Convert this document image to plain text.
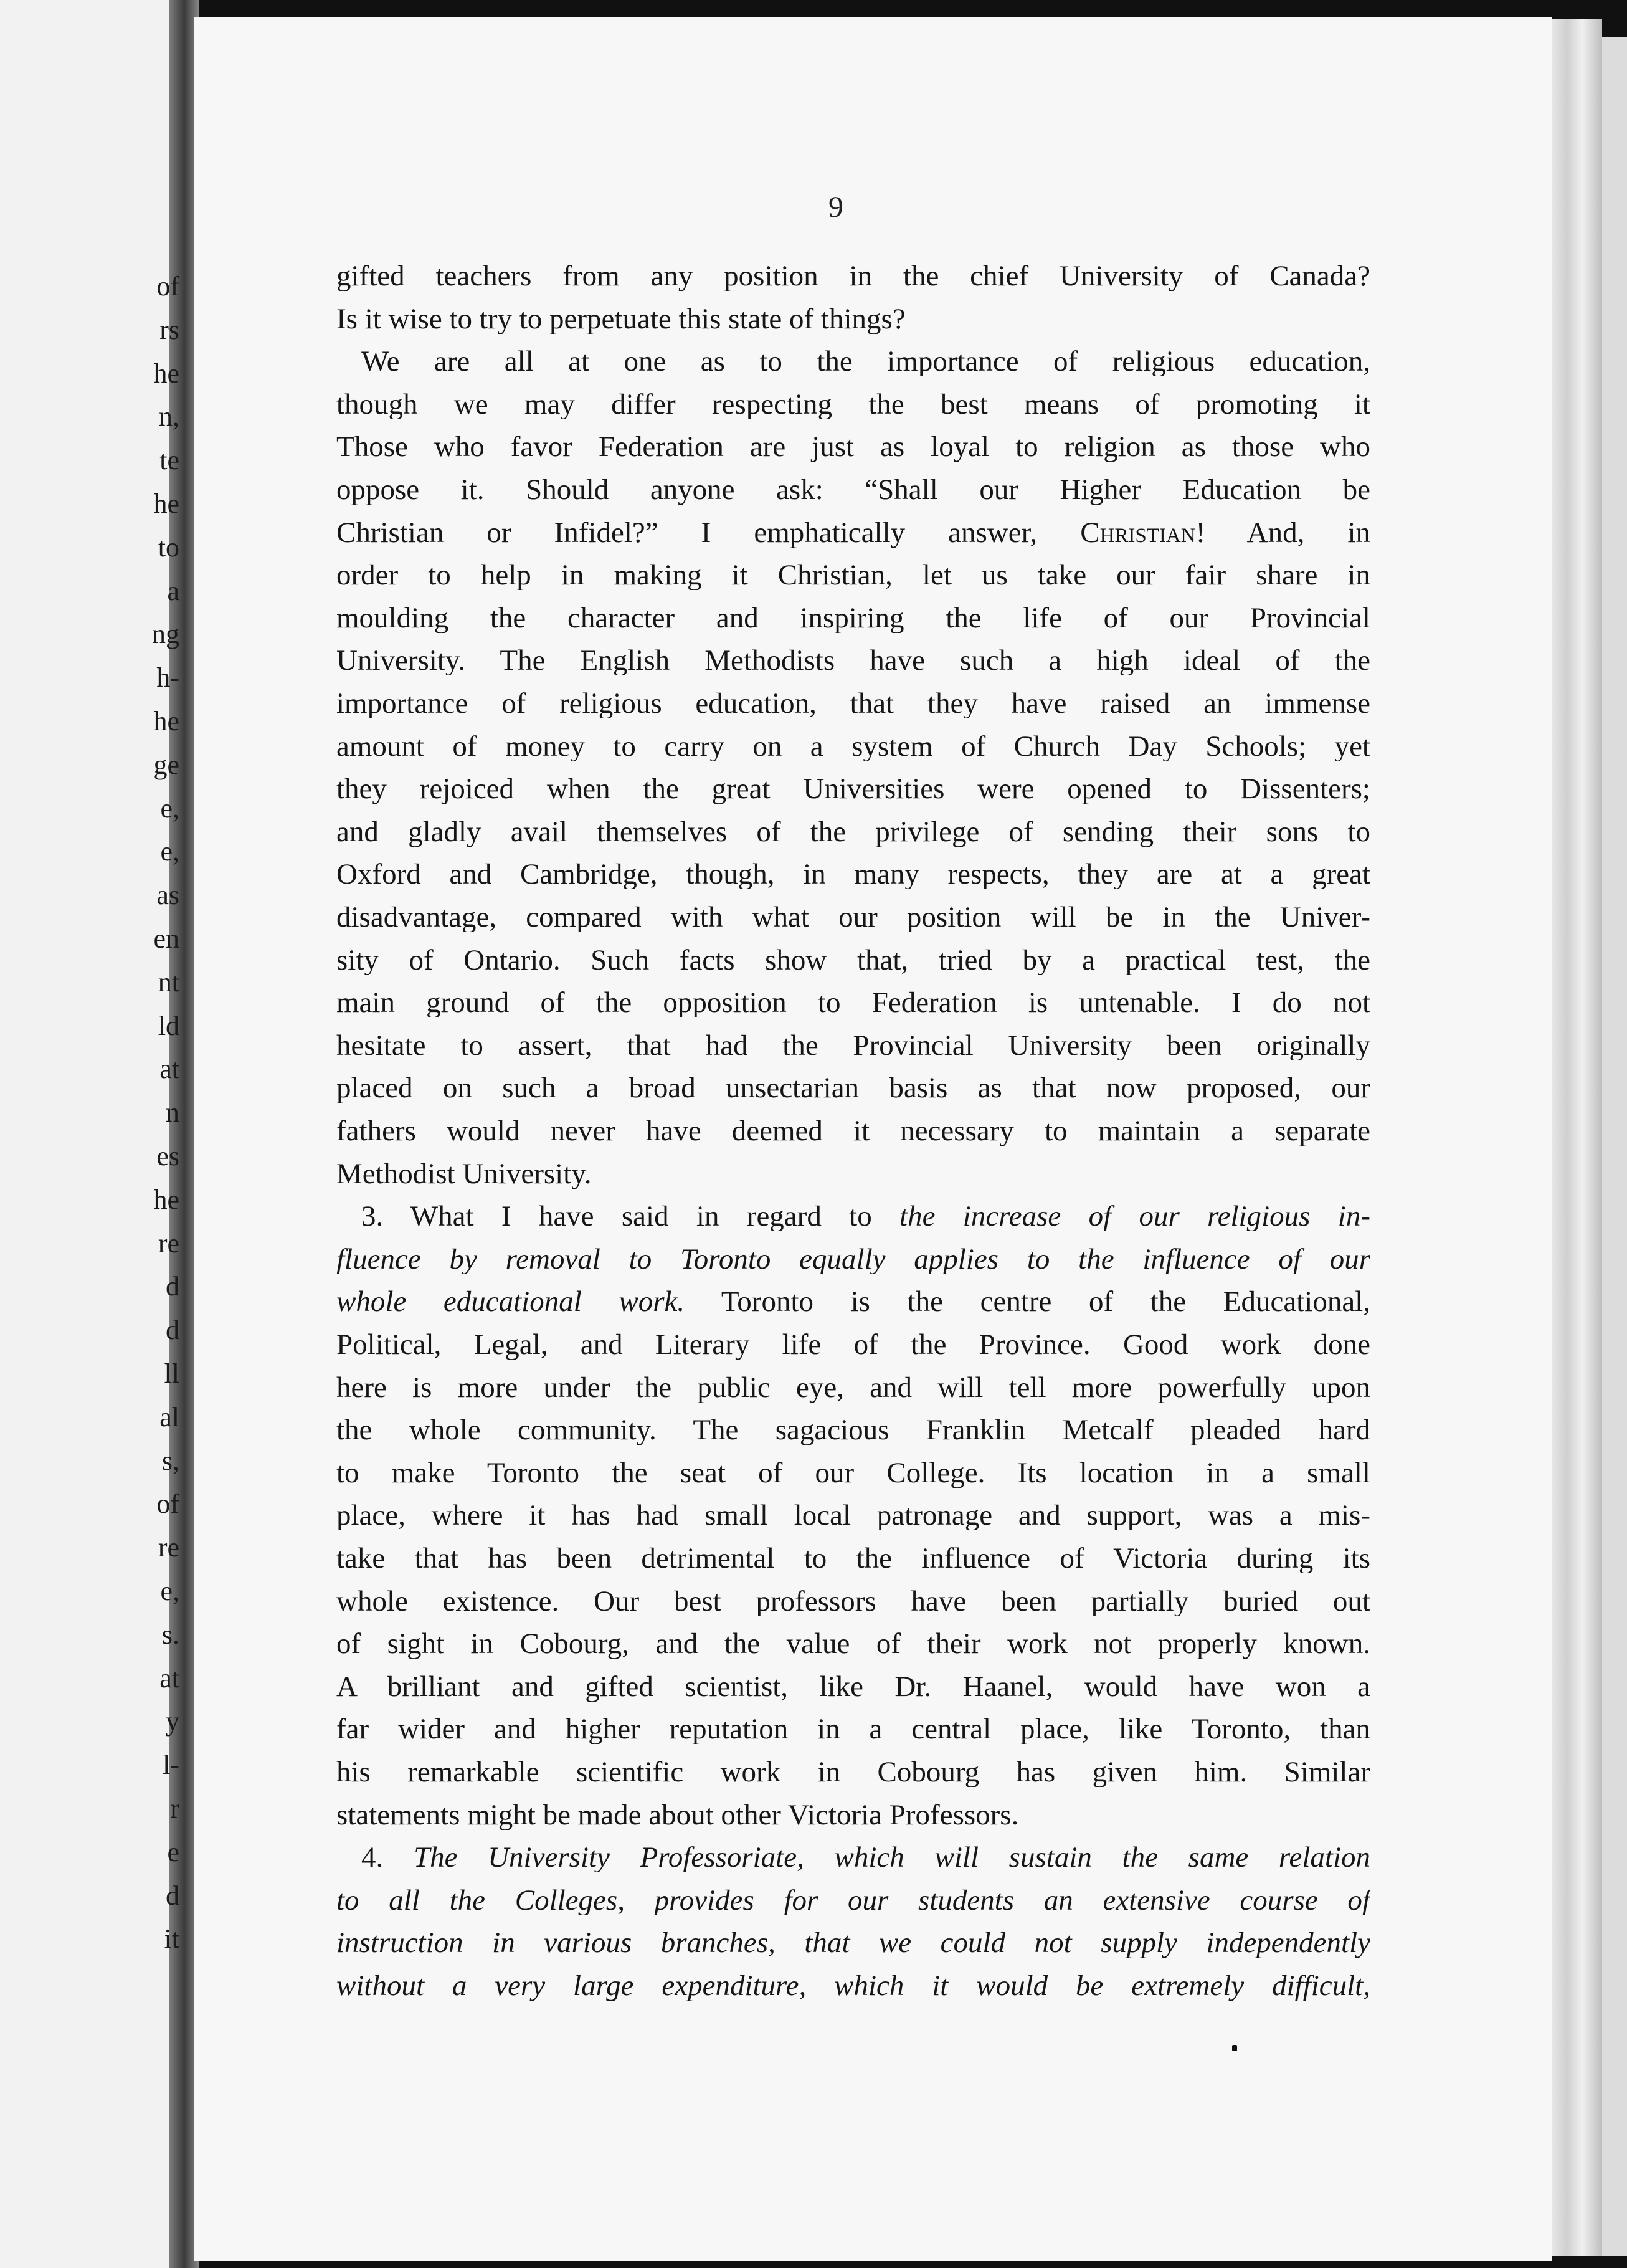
of

rs

he

n,

te

he

to

a

ng

h-

he

ge

e,

e,

as

en

nt

ld

at

n

es

he

re

d

d

ll

al

s,

of

re

e,

s.

at

y

l-

r

e

d

it

9

gifted teachers from any position in the chief University of Canada?

Is it wise to try to perpetuate this state of things?

We are all at one as to the importance of religious education,

though we may differ respecting the best means of promoting it

Those who favor Federation are just as loyal to religion as those who

oppose it. Should anyone ask: “Shall our Higher Education be

Christian or Infidel?” I emphatically answer, Christian! And, in

order to help in making it Christian, let us take our fair share in

moulding the character and inspiring the life of our Provincial

University. The English Methodists have such a high ideal of the

importance of religious education, that they have raised an immense

amount of money to carry on a system of Church Day Schools; yet

they rejoiced when the great Universities were opened to Dissenters;

and gladly avail themselves of the privilege of sending their sons to

Oxford and Cambridge, though, in many respects, they are at a great

disadvantage, compared with what our position will be in the Univer-

sity of Ontario. Such facts show that, tried by a practical test, the

main ground of the opposition to Federation is untenable. I do not

hesitate to assert, that had the Provincial University been originally

placed on such a broad unsectarian basis as that now proposed, our

fathers would never have deemed it necessary to maintain a separate

Methodist University.

3. What I have said in regard to the increase of our religious in-

fluence by removal to Toronto equally applies to the influence of our

whole educational work. Toronto is the centre of the Educational,

Political, Legal, and Literary life of the Province. Good work done

here is more under the public eye, and will tell more powerfully upon

the whole community. The sagacious Franklin Metcalf pleaded hard

to make Toronto the seat of our College. Its location in a small

place, where it has had small local patronage and support, was a mis-

take that has been detrimental to the influence of Victoria during its

whole existence. Our best professors have been partially buried out

of sight in Cobourg, and the value of their work not properly known.

A brilliant and gifted scientist, like Dr. Haanel, would have won a

far wider and higher reputation in a central place, like Toronto, than

his remarkable scientific work in Cobourg has given him. Similar

statements might be made about other Victoria Professors.

4. The University Professoriate, which will sustain the same relation

to all the Colleges, provides for our students an extensive course of

instruction in various branches, that we could not supply independently

without a very large expenditure, which it would be extremely difficult,
